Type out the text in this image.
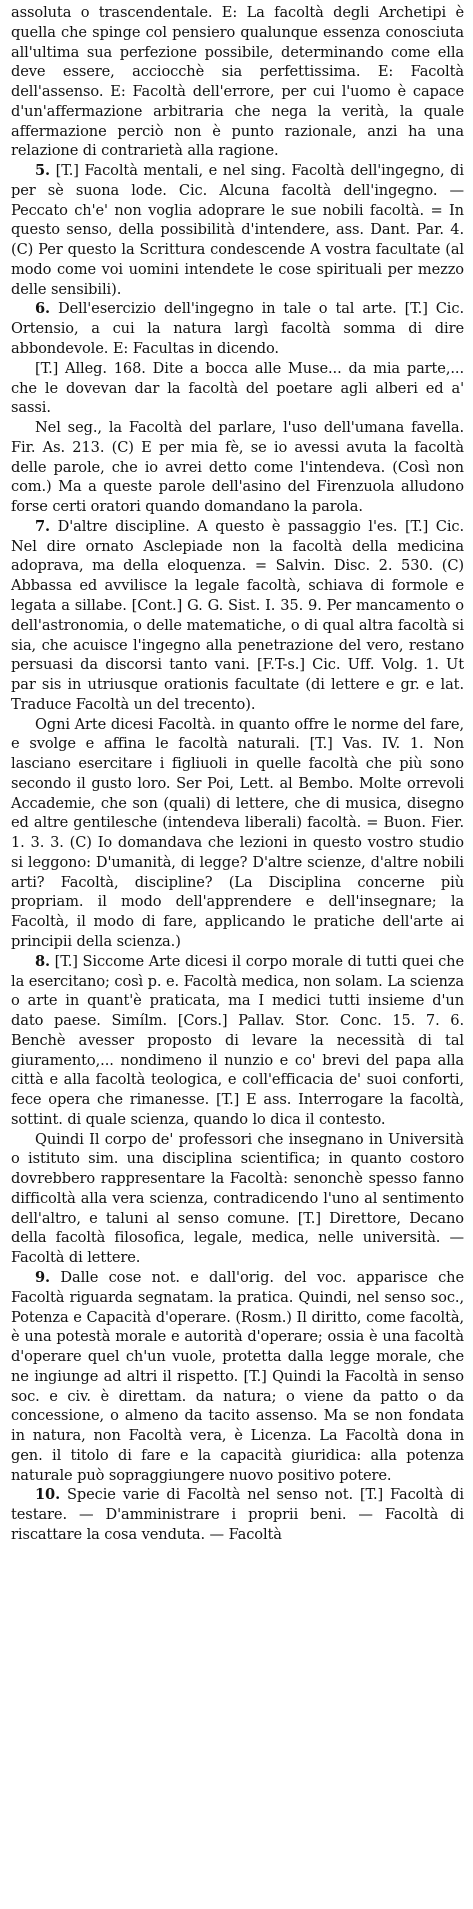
assoluta o trascendentale. E: La facoltà degli Archetipi è quella che spinge col pensiero qualunque essenza conosciuta all'ultima sua perfezione possibile, determinando come ella deve essere, acciocchè sia perfettissima. E: Facoltà dell'assenso. E: Facoltà dell'errore, per cui l'uomo è capace d'un'affermazione arbitraria che nega la verità, la quale affermazione perciò non è punto razionale, anzi ha una relazione di contrarietà alla ragione.

5. [T.] Facoltà mentali, e nel sing. Facoltà dell'ingegno, di per sè suona lode. Cic. Alcuna facoltà dell'ingegno. — Peccato ch'e' non voglia adoprare le sue nobili facoltà. = In questo senso, della possibilità d'intendere, ass. Dant. Par. 4. (C) Per questo la Scrittura condescende A vostra facultate (al modo come voi uomini intendete le cose spirituali per mezzo delle sensibili).

6. Dell'esercizio dell'ingegno in tale o tal arte. [T.] Cic. Ortensio, a cui la natura largì facoltà somma di dire abbondevole. E: Facultas in dicendo.

[T.] Alleg. 168. Dite a bocca alle Muse... da mia parte,... che le dovevan dar la facoltà del poetare agli alberi ed a' sassi.

Nel seg., la Facoltà del parlare, l'uso dell'umana favella. Fir. As. 213. (C) E per mia fè, se io avessi avuta la facoltà delle parole, che io avrei detto come l'intendeva. (Così non com.) Ma a queste parole dell'asino del Firenzuola alludono forse certi oratori quando domandano la parola.

7. D'altre discipline. A questo è passaggio l'es. [T.] Cic. Nel dire ornato Asclepiade non la facoltà della medicina adoprava, ma della eloquenza. = Salvin. Disc. 2. 530. (C) Abbassa ed avvilisce la legale facoltà, schiava di formole e legata a sillabe. [Cont.] G. G. Sist. I. 35. 9. Per mancamento o dell'astronomia, o delle matematiche, o di qual altra facoltà si sia, che acuisce l'ingegno alla penetrazione del vero, restano persuasi da discorsi tanto vani. [F.T-s.] Cic. Uff. Volg. 1. Ut par sis in utriusque orationis facultate (di lettere e gr. e lat. Traduce Facoltà un del trecento).

Ogni Arte dicesi Facoltà. in quanto offre le norme del fare, e svolge e affina le facoltà naturali. [T.] Vas. IV. 1. Non lasciano esercitare i figliuoli in quelle facoltà che più sono secondo il gusto loro. Ser Poi, Lett. al Bembo. Molte orrevoli Accademie, che son (quali) di lettere, che di musica, disegno ed altre gentilesche (intendeva liberali) facoltà. = Buon. Fier. 1. 3. 3. (C) Io domandava che lezioni in questo vostro studio si leggono: D'umanità, di legge? D'altre scienze, d'altre nobili arti? Facoltà, discipline? (La Disciplina concerne più propriam. il modo dell'apprendere e dell'insegnare; la Facoltà, il modo di fare, applicando le pratiche dell'arte ai principii della scienza.)

8. [T.] Siccome Arte dicesi il corpo morale di tutti quei che la esercitano; così p. e. Facoltà medica, non solam. La scienza o arte in quant'è praticata, ma I medici tutti insieme d'un dato paese. Simílm. [Cors.] Pallav. Stor. Conc. 15. 7. 6. Benchè avesser proposto di levare la necessità di tal giuramento,... nondimeno il nunzio e co' brevi del papa alla città e alla facoltà teologica, e coll'efficacia de' suoi conforti, fece opera che rimanesse. [T.] E ass. Interrogare la facoltà, sottint. di quale scienza, quando lo dica il contesto.

Quindi Il corpo de' professori che insegnano in Università o istituto sim. una disciplina scientifica; in quanto costoro dovrebbero rappresentare la Facoltà: senonchè spesso fanno difficoltà alla vera scienza, contradicendo l'uno al sentimento dell'altro, e taluni al senso comune. [T.] Direttore, Decano della facoltà filosofica, legale, medica, nelle università. — Facoltà di lettere.

9. Dalle cose not. e dall'orig. del voc. apparisce che Facoltà riguarda segnatam. la pratica. Quindi, nel senso soc., Potenza e Capacità d'operare. (Rosm.) Il diritto, come facoltà, è una potestà morale e autorità d'operare; ossia è una facoltà d'operare quel ch'un vuole, protetta dalla legge morale, che ne ingiunge ad altri il rispetto. [T.] Quindi la Facoltà in senso soc. e civ. è direttam. da natura; o viene da patto o da concessione, o almeno da tacito assenso. Ma se non fondata in natura, non Facoltà vera, è Licenza. La Facoltà dona in gen. il titolo di fare e la capacità giuridica: alla potenza naturale può sopraggiungere nuovo positivo potere.

10. Specie varie di Facoltà nel senso not. [T.] Facoltà di testare. — D'amministrare i proprii beni. — Facoltà di riscattare la cosa venduta. — Facoltà
